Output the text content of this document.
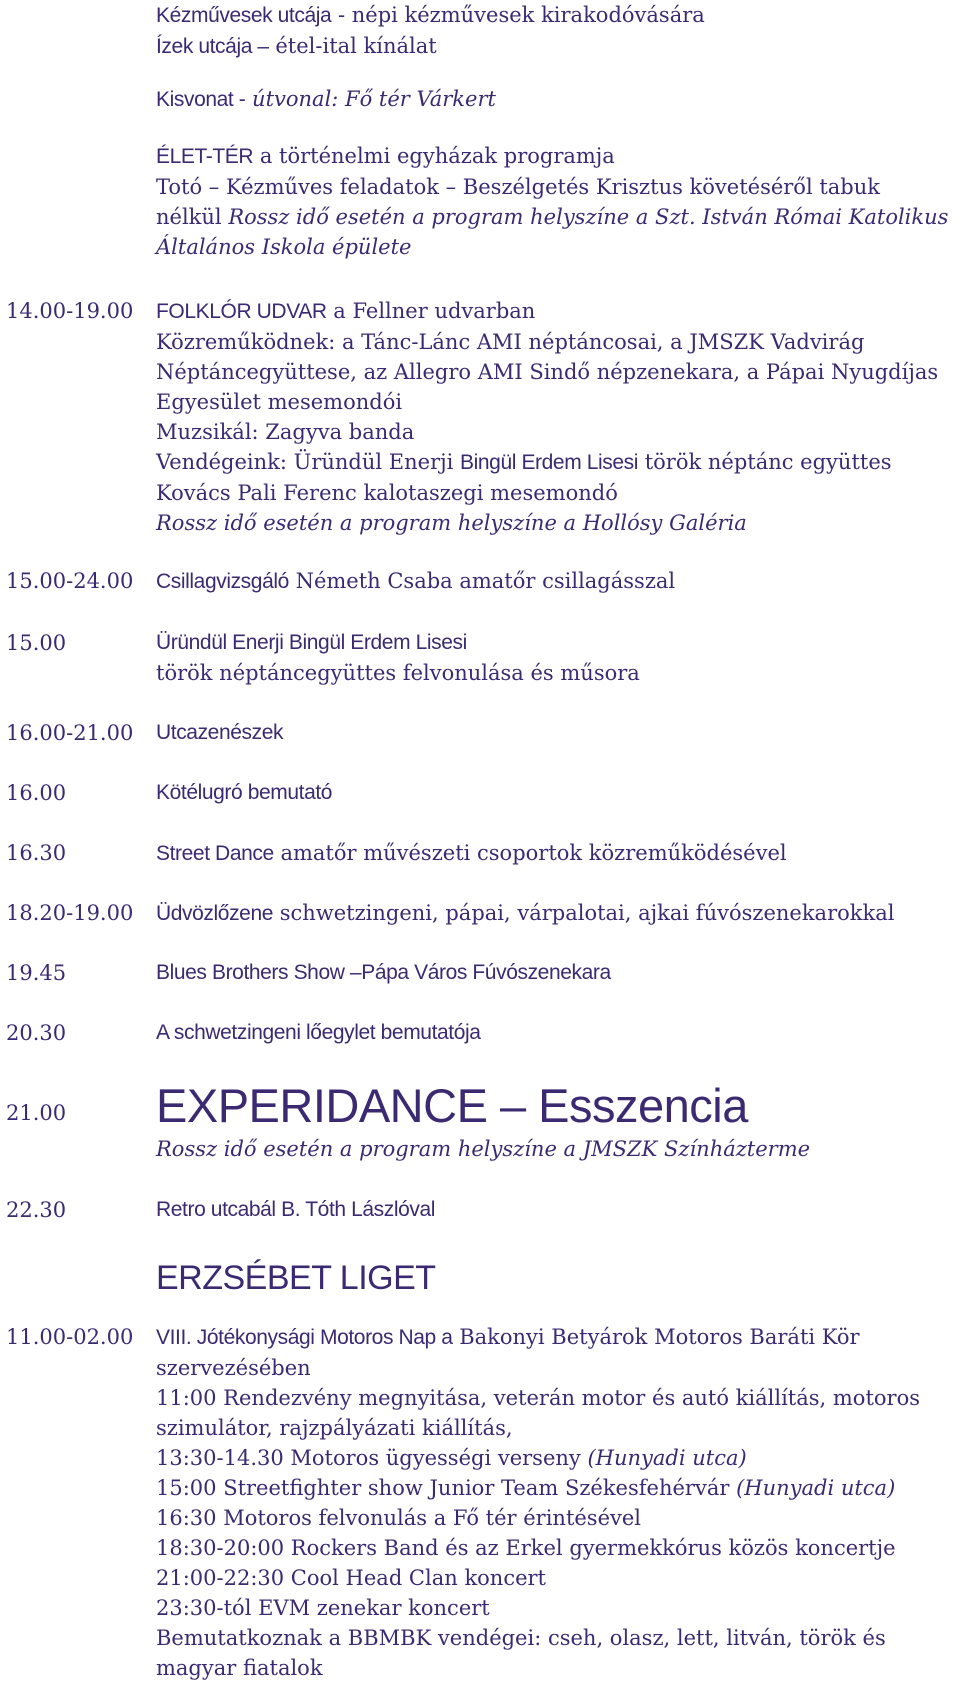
Kézművesek utcája - népi kézművesek kirakodóvására
Ízek utcája – étel-ital kínálat
Kisvonat - útvonal: Fő tér Várkert
ÉLET-TÉR a történelmi egyházak programja
Totó – Kézműves feladatok – Beszélgetés Krisztus követéséről tabuk
nélkül Rossz idő esetén a program helyszíne a Szt. István Római Katolikus
Általános Iskola épülete
14.00-19.00 FOLKLÓR UDVAR a Fellner udvarban
Közreműködnek: a Tánc-Lánc AMI néptáncosai, a JMSZK Vadvirág
Néptáncegyüttese, az Allegro AMI Sindő népzenekara, a Pápai Nyugdíjas
Egyesület mesemondói
Muzsikál: Zagyva banda
Vendégeink: Üründül Enerji Bingül Erdem Lisesi török néptánc együttes
Kovács Pali Ferenc kalotaszegi mesemondó
Rossz idő esetén a program helyszíne a Hollósy Galéria
15.00-24.00 Csillagvizsgáló Németh Csaba amatőr csillagásszal
15.00	Üründül Enerji Bingül Erdem Lisesi
török néptáncegyüttes felvonulása és műsora
16.00-21.00 Utcazenészek
16.00	Kötélugró bemutató
16.30	Street Dance amatőr művészeti csoportok közreműködésével
18.20-19.00 Üdvözlőzene schwetzingeni, pápai, várpalotai, ajkai fúvószenekarokkal
19.45	Blues Brothers Show –Pápa Város Fúvószenekara
20.30	A schwetzingeni lőegylet bemutatója
21.00 EXPERIDANCE – Esszencia
Rossz idő esetén a program helyszíne a JMSZK Színházterme
22.30	Retro utcabál B. Tóth Lászlóval
ERZSÉBET LIGET
11.00-02.00 VIII. Jótékonysági Motoros Nap a Bakonyi Betyárok Motoros Baráti Kör
szervezésében
11:00 Rendezvény megnyitása, veterán motor és autó kiállítás, motoros
szimulátor, rajzpályázati kiállítás,
13:30-14.30 Motoros ügyességi verseny (Hunyadi utca)
15:00 Streetfighter show Junior Team Székesfehérvár (Hunyadi utca)
16:30 Motoros felvonulás a Fő tér érintésével
18:30-20:00 Rockers Band és az Erkel gyermekkórus közös koncertje
21:00-22:30 Cool Head Clan koncert
23:30-tól EVM zenekar koncert
Bemutatkoznak a BBMBK vendégei: cseh, olasz, lett, litván, török és
magyar fiatalok
